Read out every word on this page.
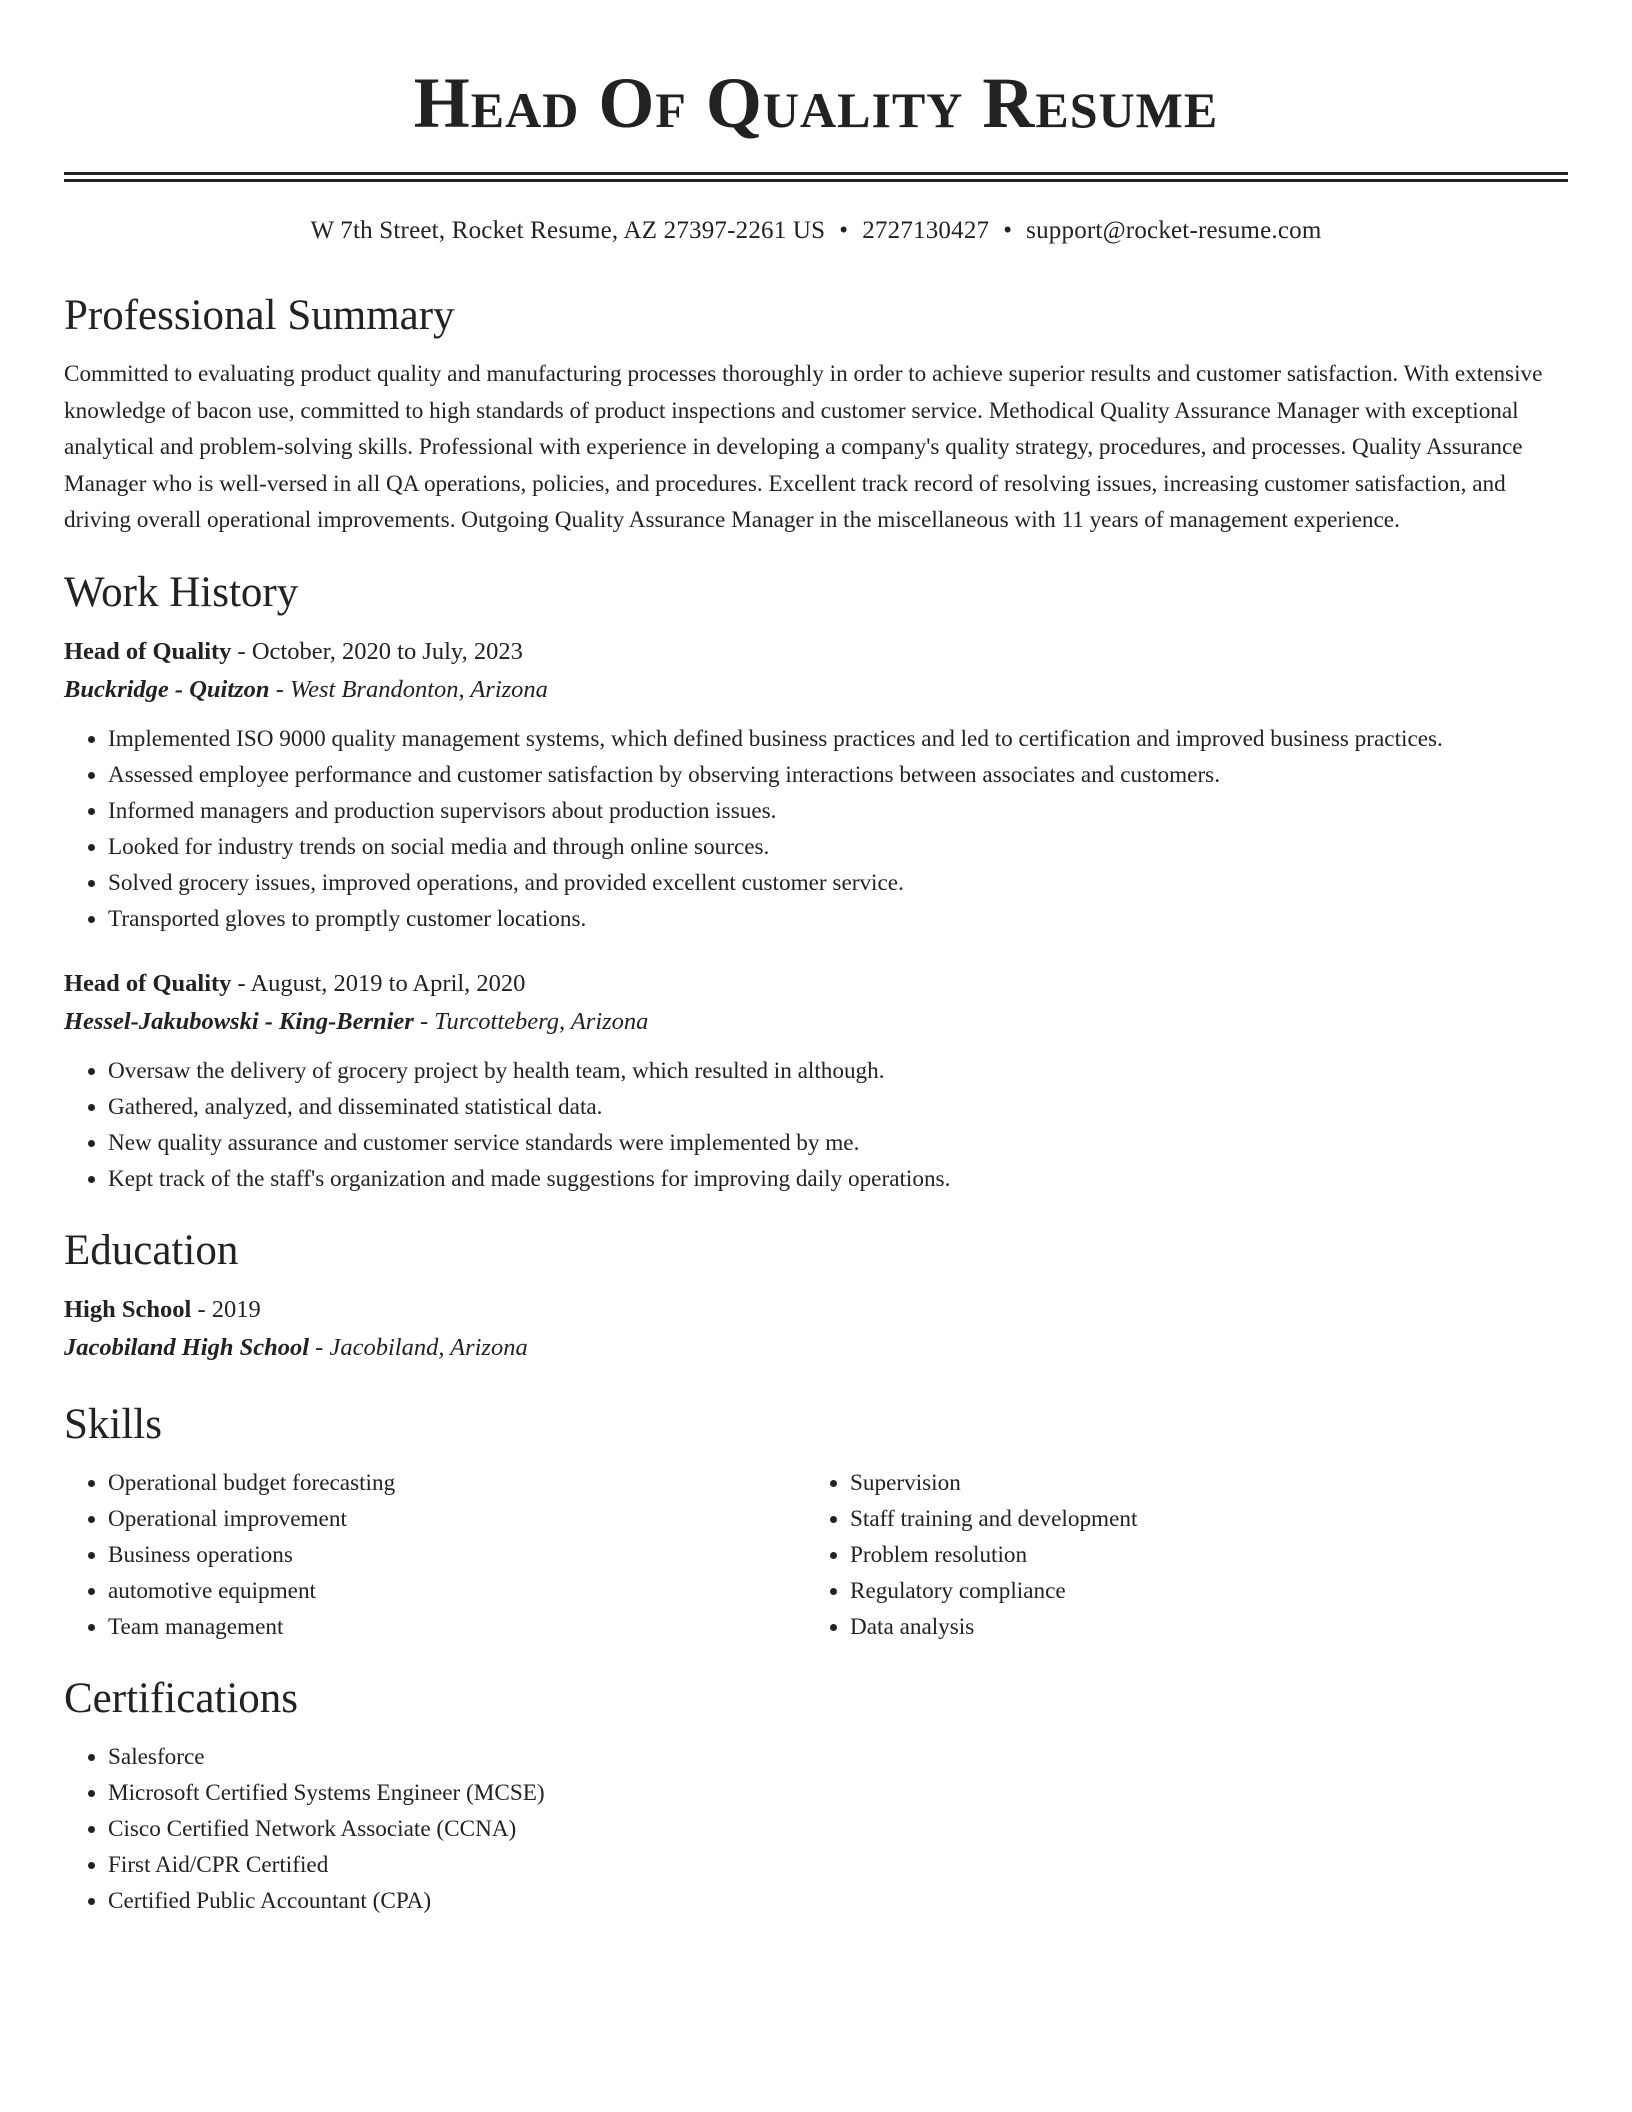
Head Of Quality Resume
W 7th Street, Rocket Resume, AZ 27397-2261 US • 2727130427 • support@rocket-resume.com
Professional Summary
Committed to evaluating product quality and manufacturing processes thoroughly in order to achieve superior results and customer satisfaction. With extensive knowledge of bacon use, committed to high standards of product inspections and customer service. Methodical Quality Assurance Manager with exceptional analytical and problem-solving skills. Professional with experience in developing a company's quality strategy, procedures, and processes. Quality Assurance Manager who is well-versed in all QA operations, policies, and procedures. Excellent track record of resolving issues, increasing customer satisfaction, and driving overall operational improvements. Outgoing Quality Assurance Manager in the miscellaneous with 11 years of management experience.
Work History
Head of Quality - October, 2020 to July, 2023
Buckridge - Quitzon - West Brandonton, Arizona
• Implemented ISO 9000 quality management systems, which defined business practices and led to certification and improved business practices.
• Assessed employee performance and customer satisfaction by observing interactions between associates and customers.
• Informed managers and production supervisors about production issues.
• Looked for industry trends on social media and through online sources.
• Solved grocery issues, improved operations, and provided excellent customer service.
• Transported gloves to promptly customer locations.
Head of Quality - August, 2019 to April, 2020
Hessel-Jakubowski - King-Bernier - Turcotteberg, Arizona
• Oversaw the delivery of grocery project by health team, which resulted in although.
• Gathered, analyzed, and disseminated statistical data.
• New quality assurance and customer service standards were implemented by me.
• Kept track of the staff's organization and made suggestions for improving daily operations.
Education
High School - 2019
Jacobiland High School - Jacobiland, Arizona
Skills
• Operational budget forecasting
• Operational improvement
• Business operations
• automotive equipment
• Team management
• Supervision
• Staff training and development
• Problem resolution
• Regulatory compliance
• Data analysis
Certifications
• Salesforce
• Microsoft Certified Systems Engineer (MCSE)
• Cisco Certified Network Associate (CCNA)
• First Aid/CPR Certified
• Certified Public Accountant (CPA)
